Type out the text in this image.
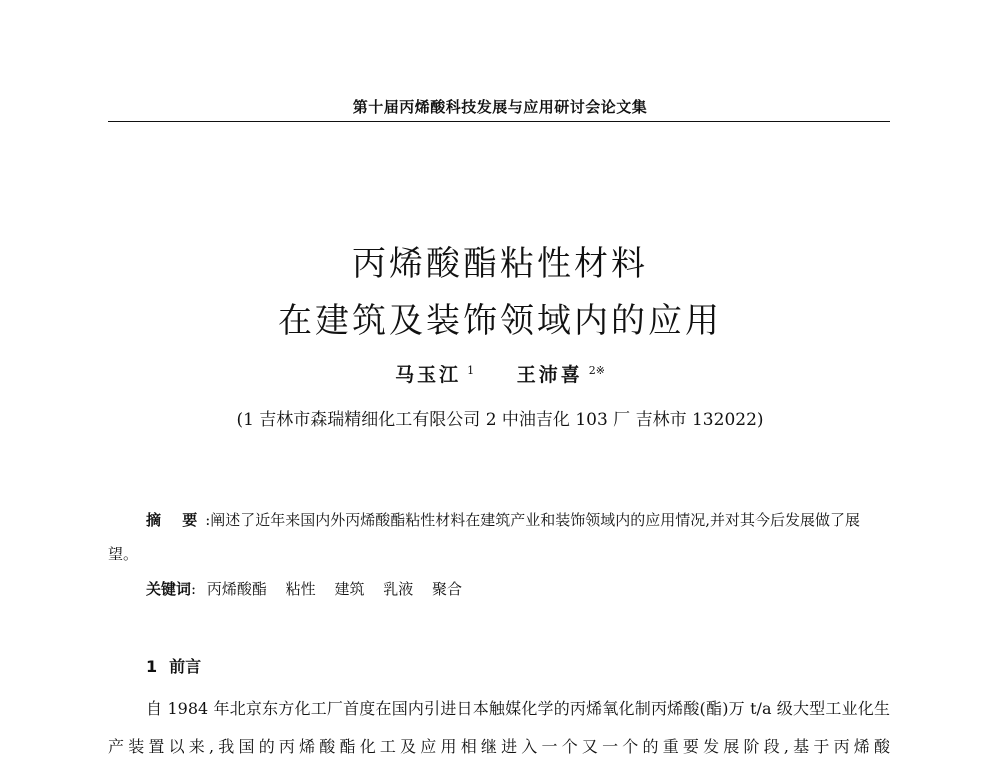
第十届丙烯酸科技发展与应用研讨会论文集
丙烯酸酯粘性材料
在建筑及装饰领域内的应用
马玉江 $^1$ 王沛喜 $^{2※}$
(1 吉林市森瑞精细化工有限公司 2 中油吉化 103 厂 吉林市 132022)
摘 要:阐述了近年来国内外丙烯酸酯粘性材料在建筑产业和装饰领域内的应用情况,并对其今后发展做了展望。
关键词: 丙烯酸酯 粘性 建筑 乳液 聚合
1 前言
自 1984 年北京东方化工厂首度在国内引进日本触媒化学的丙烯氧化制丙烯酸(酯)万 t/a 级大型工业化生产装置以来,我国的丙烯酸酯化工及应用相继进入一个又一个的重要发展阶段,基于丙烯酸
